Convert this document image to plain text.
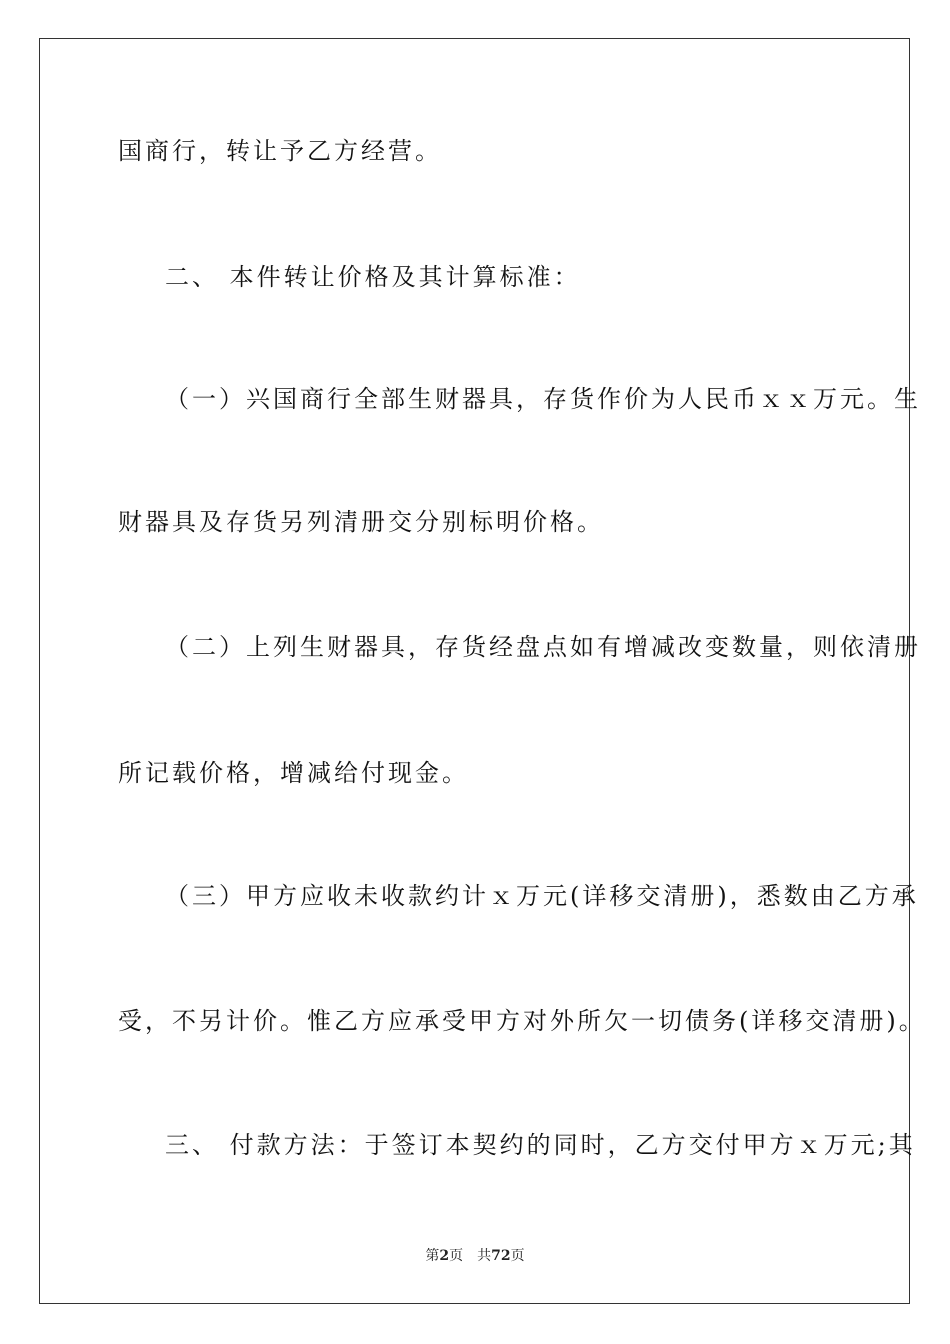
国商行，转让予乙方经营。
二、 本件转让价格及其计算标准：
（一）兴国商行全部生财器具，存货作价为人民币ｘｘ万元。生
财器具及存货另列清册交分别标明价格。
（二）上列生财器具，存货经盘点如有增减改变数量，则依清册
所记载价格，增减给付现金。
（三）甲方应收未收款约计ｘ万元(详移交清册)，悉数由乙方承
受，不另计价。惟乙方应承受甲方对外所欠一切债务(详移交清册)。
三、 付款方法：于签订本契约的同时，乙方交付甲方ｘ万元;其
第2页 共72页
